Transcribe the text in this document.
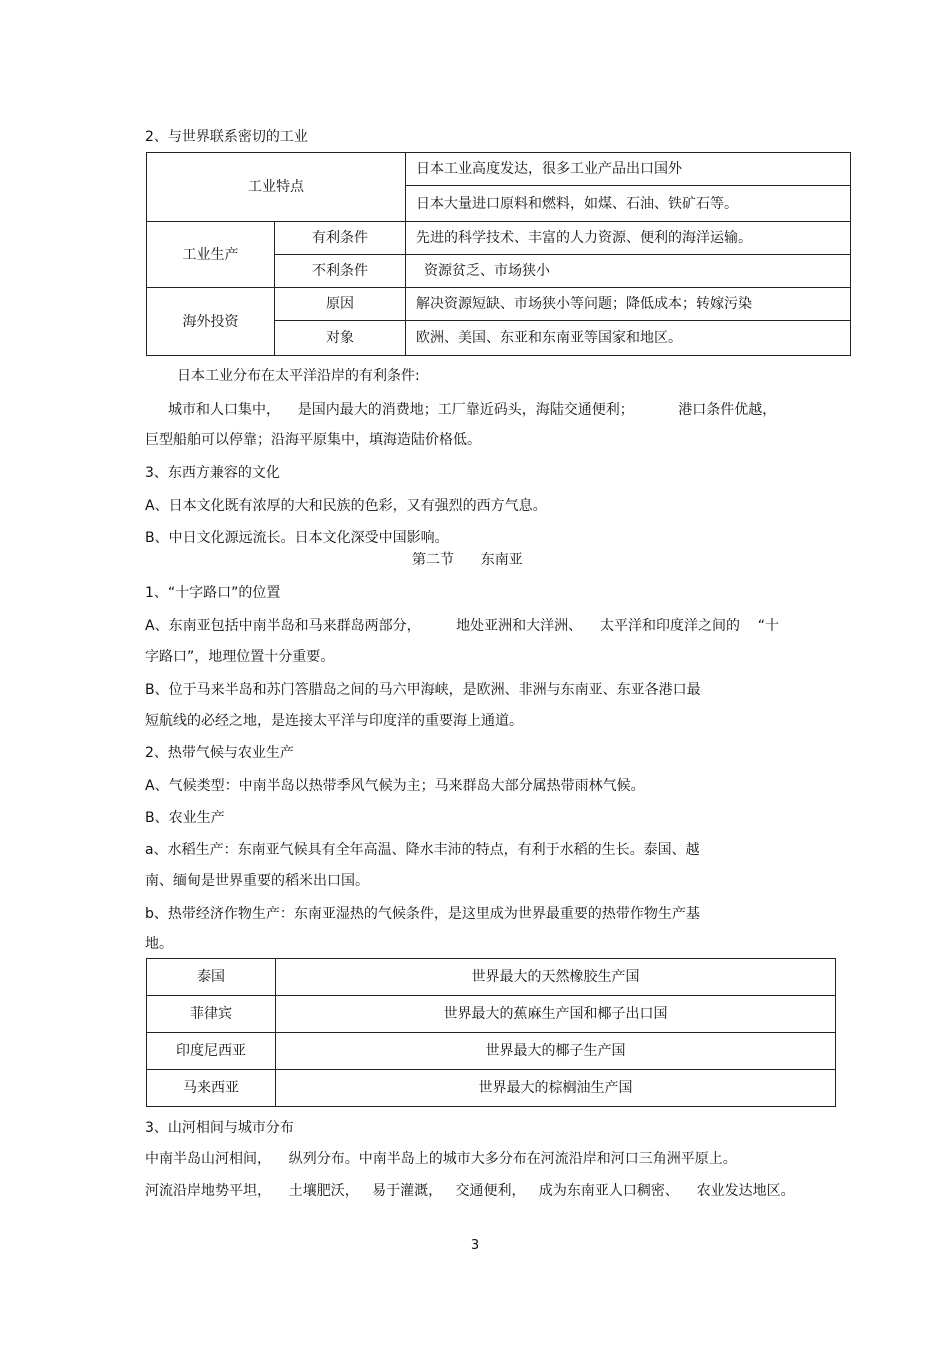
2、与世界联系密切的工业
工业特点		日本工业高度发达，很多工业产品出口国外
		日本大量进口原料和燃料，如煤、石油、铁矿石等。
工业生产	有利条件	先进的科学技术、丰富的人力资源、便利的海洋运输。
	不利条件	资源贫乏、市场狭小
海外投资	原因	解决资源短缺、市场狭小等问题；降低成本；转嫁污染
	对象	欧洲、美国、东亚和东南亚等国家和地区。
日本工业分布在太平洋沿岸的有利条件:
城市和人口集中，    是国内最大的消费地；工厂靠近码头，海陆交通便利；          港口条件优越，
巨型船舶可以停靠；沿海平原集中，填海造陆价格低。
3、东西方兼容的文化
A、日本文化既有浓厚的大和民族的色彩，又有强烈的西方气息。
B、中日文化源远流长。日本文化深受中国影响。
第二节      东南亚
1、“十字路口”的位置
A、东南亚包括中南半岛和马来群岛两部分，        地处亚洲和大洋洲、    太平洋和印度洋之间的    “十
字路口”，地理位置十分重要。
B、位于马来半岛和苏门答腊岛之间的马六甲海峡，是欧洲、非洲与东南亚、东亚各港口最
短航线的必经之地，是连接太平洋与印度洋的重要海上通道。
2、热带气候与农业生产
A、气候类型：中南半岛以热带季风气候为主；马来群岛大部分属热带雨林气候。
B、农业生产
a、水稻生产：东南亚气候具有全年高温、降水丰沛的特点，有利于水稻的生长。泰国、越
南、缅甸是世界重要的稻米出口国。
b、热带经济作物生产：东南亚湿热的气候条件，是这里成为世界最重要的热带作物生产基
地。
泰国	世界最大的天然橡胶生产国
菲律宾	世界最大的蕉麻生产国和椰子出口国
印度尼西亚	世界最大的椰子生产国
马来西亚	世界最大的棕榈油生产国
3、山河相间与城市分布
中南半岛山河相间，    纵列分布。中南半岛上的城市大多分布在河流沿岸和河口三角洲平原上。
河流沿岸地势平坦，    土壤肥沃，   易于灌溉，   交通便利，   成为东南亚人口稠密、    农业发达地区。
3
